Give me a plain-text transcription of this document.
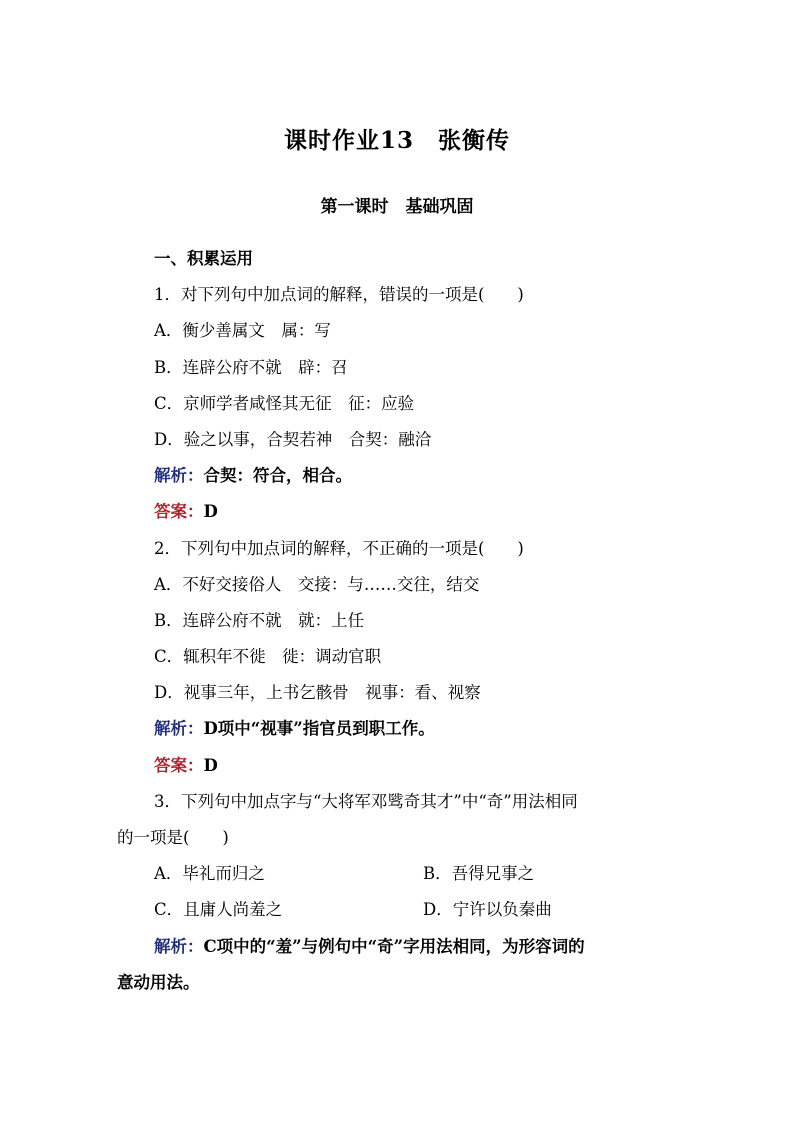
课时作业13　张衡传
第一课时　基础巩固
一、积累运用
1．对下列句中加点词的解释，错误的一项是(　　)
A．衡少善属文　属：写
B．连辟公府不就　辟：召
C．京师学者咸怪其无征　征：应验
D．验之以事，合契若神　合契：融洽
解析：合契：符合，相合。
答案：D
2．下列句中加点词的解释，不正确的一项是(　　)
A．不好交接俗人　交接：与……交往，结交
B．连辟公府不就　就：上任
C．辄积年不徙　徙：调动官职
D．视事三年，上书乞骸骨　视事：看、视察
解析：D项中“视事”指官员到职工作。
答案：D
3．下列句中加点字与“大将军邓骘奇其才”中“奇”用法相同
的一项是(　　)
A．毕礼而归之	B．吾得兄事之
C．且庸人尚羞之	D．宁许以负秦曲
解析：C项中的“羞”与例句中“奇”字用法相同，为形容词的
意动用法。
